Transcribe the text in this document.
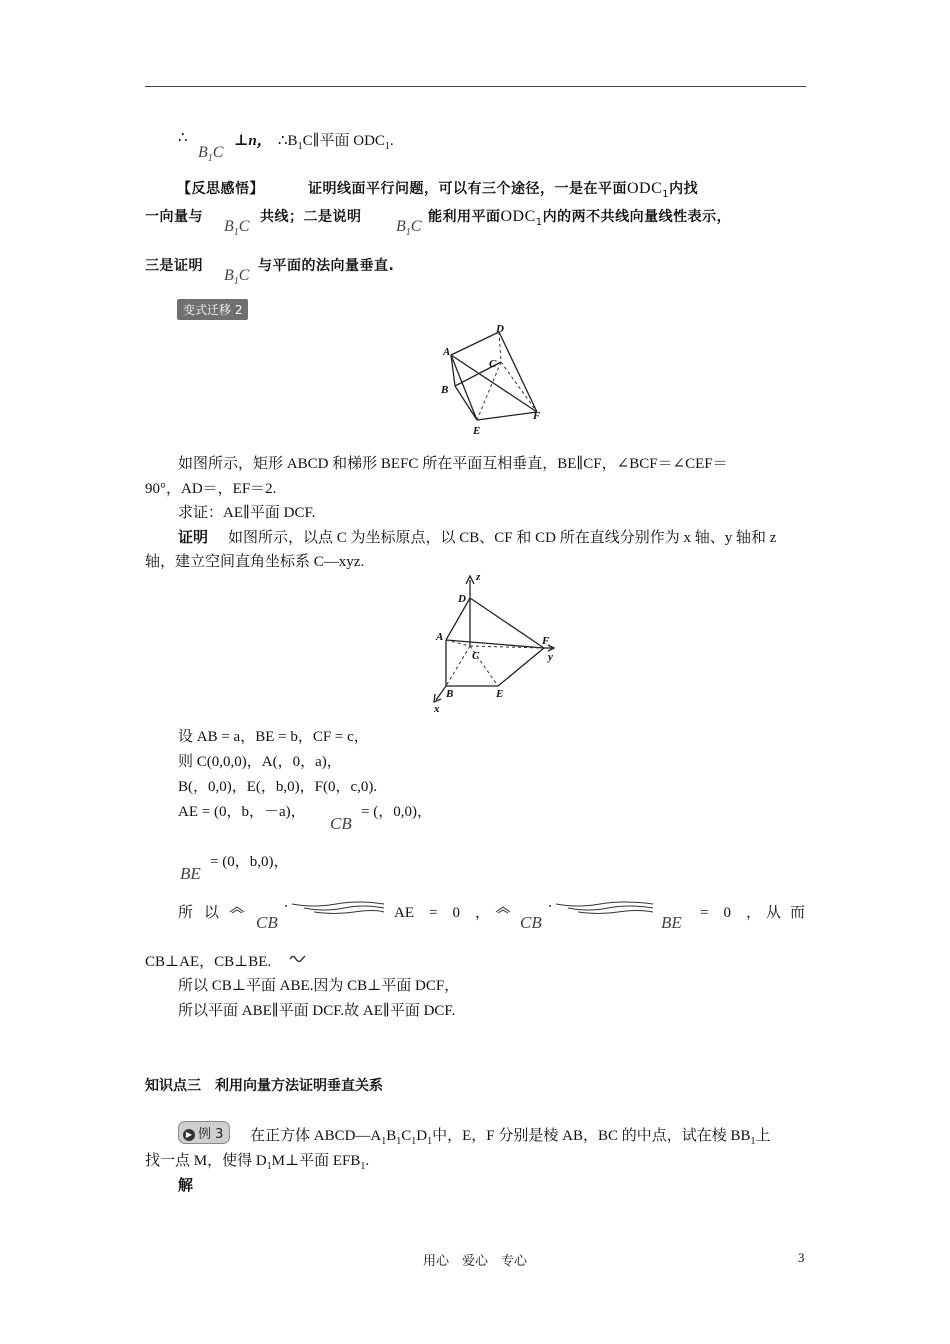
∴
$B_1C$
⊥n， $\therefore B_1C\parallel$平面 $ODC_1$.
【反思感悟】	证明线面平行问题，可以有三个途径，一是在平面$ODC_1$内找
一向量与
$B_1C$
共线；二是说明
$B_1C$
能利用平面$ODC_1$内的两不共线向量线性表示，
三是证明
$B_1C$
与平面的法向量垂直.
变式迁移 2
D
A
C
B
F
E
如图所示，矩形 ABCD 和梯形 BEFC 所在平面互相垂直，BE∥CF，∠BCF＝∠CEF＝
90°，AD＝，EF＝2.
求证：AE∥平面 DCF.
证明 如图所示，以点 C 为坐标原点，以 CB、CF 和 CD 所在直线分别作为 x 轴、y 轴和 z
轴，建立空间直角坐标系 C—xyz.
z
D
A	F
C	y
B	E
x
设 AB = a，BE = b，CF = c，
则 C(0,0,0)，A(，0，a)，
B(，0,0)，E(，b,0)，F(0，c,0).
AE = (0，b，－a)，
CB
= (，0,0)，
= (0，b,0)，
BE
所 以 CB	AE　=　0　， CB	BE =　0　， 从 而
CB⊥AE，CB⊥BE.
所以 CB⊥平面 ABE.因为 CB⊥平面 DCF，
所以平面 ABE∥平面 DCF.故 AE∥平面 DCF.
知识点三　利用向量方法证明垂直关系
▶ 例 3	在正方体 $ABCD—A_1B_1C_1D_1$中，E，F 分别是棱 AB，BC 的中点，试在棱 $BB_1$上
找一点 M，使得 $D_1M\perp$平面 $EFB_1$.
解
用心　爱心　专心	3
